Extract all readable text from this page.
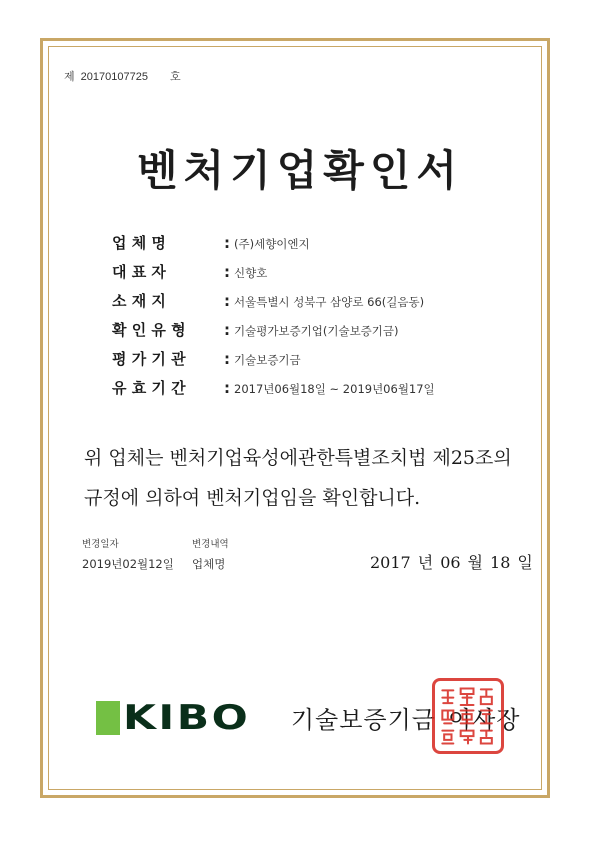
제 20170107725 호
벤처기업확인서
업 체 명	: (주)세향이엔지
대 표 자	: 신향호
소 재 지	: 서울특별시 성북구 삼양로 66(길음동)
확 인 유 형	: 기술평가보증기업(기술보증기금)
평 가 기 관	: 기술보증기금
유 효 기 간	: 2017년06월18일 ~ 2019년06월17일
위 업체는 벤처기업육성에관한특별조치법 제25조의
규정에 의하여 벤처기업임을 확인합니다.
변경일자	변경내역
2019년02월12일	업체명	2017 년 06 월 18 일
KIBO 기술보증기금 이사장
